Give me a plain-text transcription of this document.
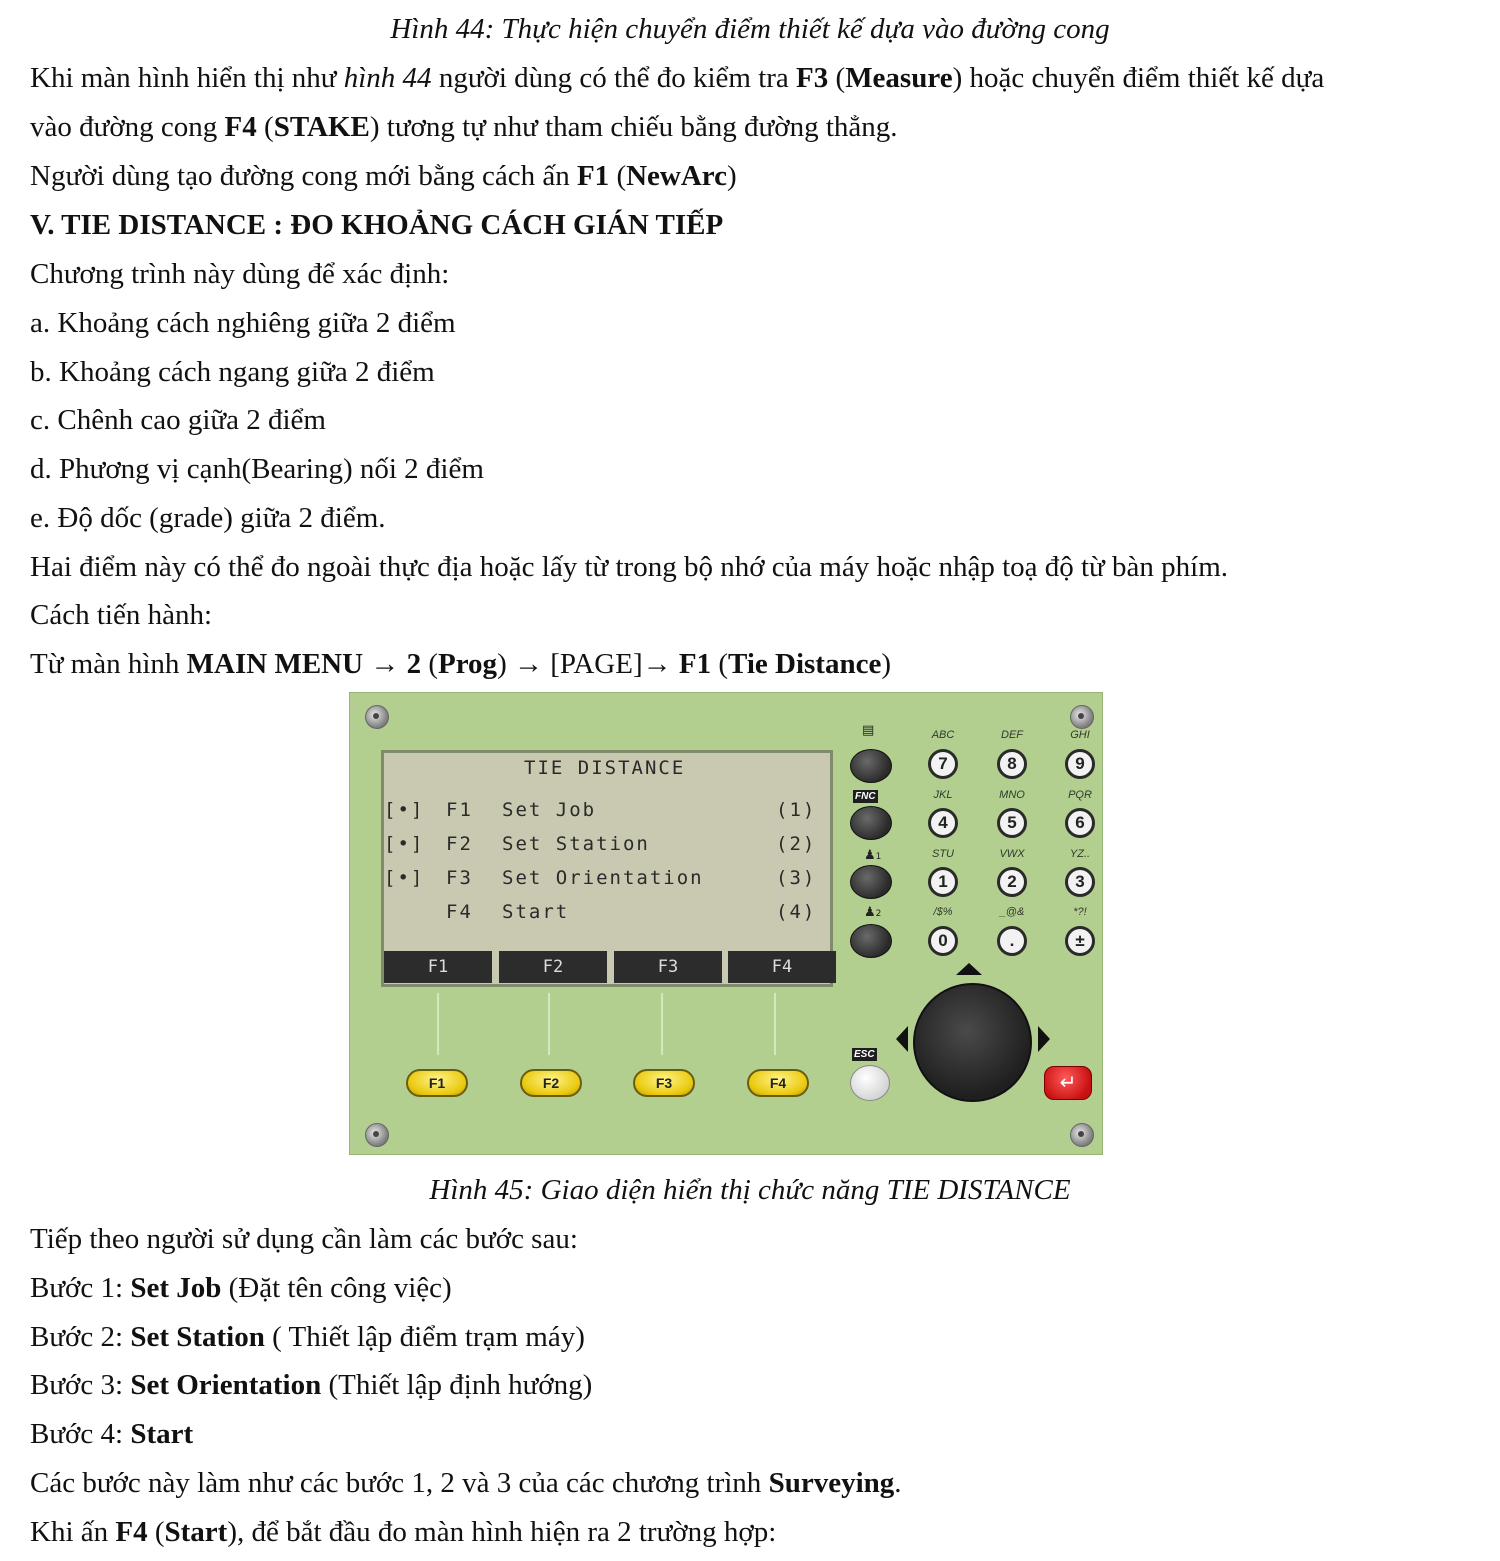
Hình 44: Thực hiện chuyển điểm thiết kế dựa vào đường cong
Khi màn hình hiển thị như hình 44 người dùng có thể đo kiểm tra F3 (Measure) hoặc chuyển điểm thiết kế dựa
vào đường cong F4 (STAKE) tương tự như tham chiếu bằng đường thẳng.
Người dùng tạo đường cong mới bằng cách ấn F1 (NewArc)
V. TIE DISTANCE : ĐO KHOẢNG CÁCH GIÁN TIẾP
Chương trình này dùng để xác định:
a. Khoảng cách nghiêng giữa 2 điểm
b. Khoảng cách ngang giữa 2 điểm
c. Chênh cao giữa 2 điểm
d. Phương vị cạnh(Bearing) nối 2 điểm
e. Độ dốc (grade) giữa 2 điểm.
Hai điểm này có thể đo ngoài thực địa hoặc lấy từ trong bộ nhớ của máy hoặc nhập toạ độ từ bàn phím.
Cách tiến hành:
Từ màn hình MAIN MENU → 2 (Prog) → [PAGE]→ F1 (Tie Distance)
TIE DISTANCE
[•] F1 Set Job	(1)
[•] F2 Set Station	(2)
[•] F3 Set Orientation	(3)
F4 Start	(4)
F1	F2	F3	F4
F1	F2	F3	F4
▤
FNC
♟1
♟2
ABC	DEF	GHI
JKL	MNO	PQR
STU	VWX	YZ..
/$%	_@&	*?!
7	8	9
4	5	6
1	2	3
0	.	±
ESC
↵
Hình 45: Giao diện hiển thị chức năng TIE DISTANCE
Tiếp theo người sử dụng cần làm các bước sau:
Bước 1: Set Job (Đặt tên công việc)
Bước 2: Set Station ( Thiết lập điểm trạm máy)
Bước 3: Set Orientation (Thiết lập định hướng)
Bước 4: Start
Các bước này làm như các bước 1, 2 và 3 của các chương trình Surveying.
Khi ấn F4 (Start), để bắt đầu đo màn hình hiện ra 2 trường hợp:
